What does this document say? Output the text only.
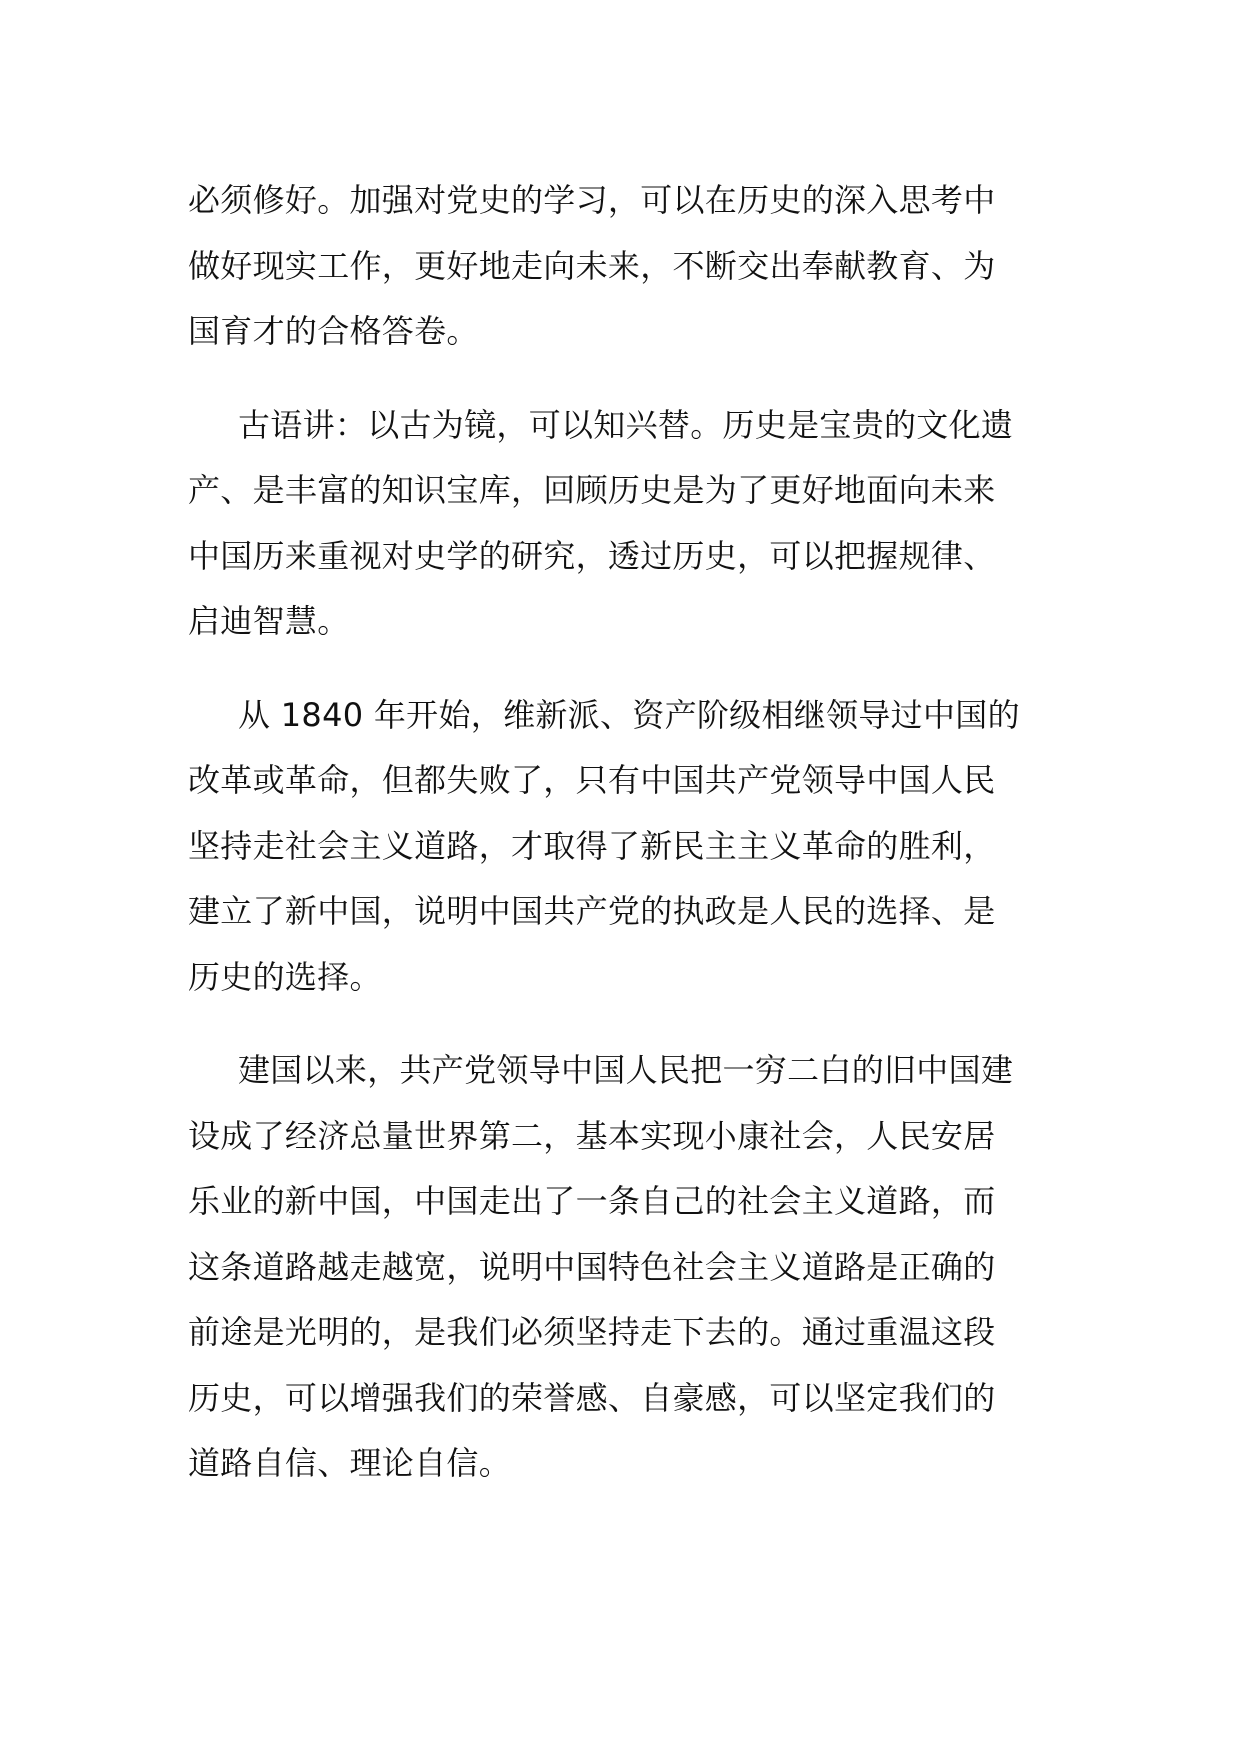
必须修好。加强对党史的学习，可以在历史的深入思考中
做好现实工作，更好地走向未来，不断交出奉献教育、为
国育才的合格答卷。
古语讲：以古为镜，可以知兴替。历史是宝贵的文化遗
产、是丰富的知识宝库，回顾历史是为了更好地面向未来
中国历来重视对史学的研究，透过历史，可以把握规律、
启迪智慧。
从 1840 年开始，维新派、资产阶级相继领导过中国的
改革或革命，但都失败了，只有中国共产党领导中国人民
坚持走社会主义道路，才取得了新民主主义革命的胜利，
建立了新中国，说明中国共产党的执政是人民的选择、是
历史的选择。
建国以来，共产党领导中国人民把一穷二白的旧中国建
设成了经济总量世界第二，基本实现小康社会，人民安居
乐业的新中国，中国走出了一条自己的社会主义道路，而
这条道路越走越宽，说明中国特色社会主义道路是正确的
前途是光明的，是我们必须坚持走下去的。通过重温这段
历史，可以增强我们的荣誉感、自豪感，可以坚定我们的
道路自信、理论自信。
